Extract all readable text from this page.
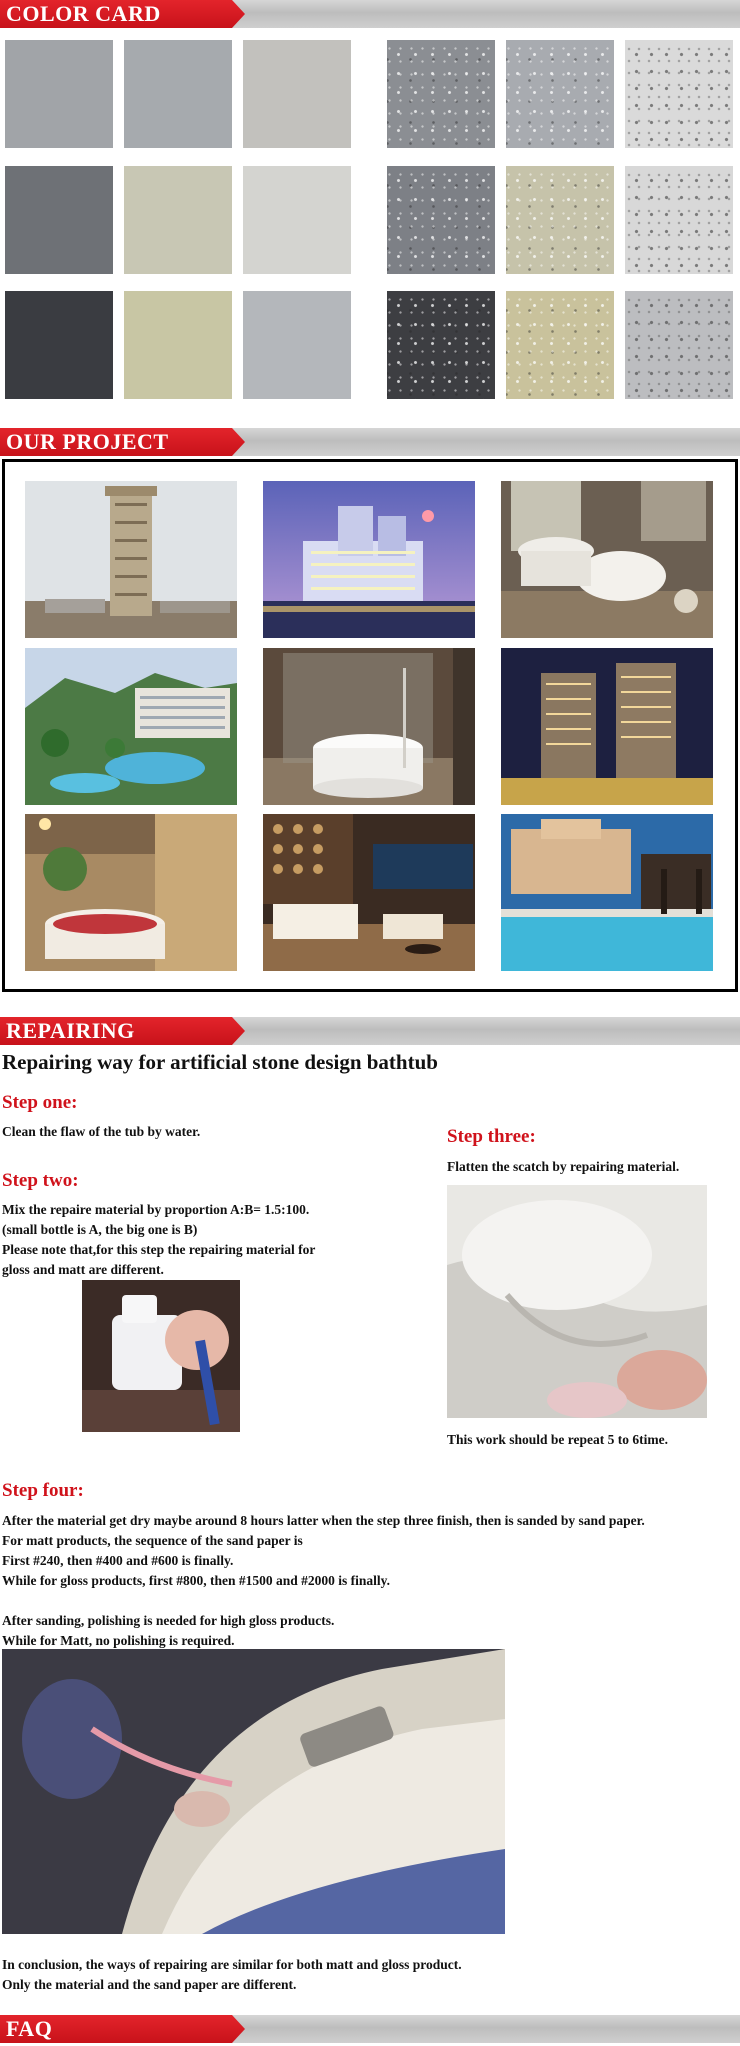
COLOR CARD
OUR PROJECT
REPAIRING
Repairing way for artificial stone design bathtub
Step one:
Clean the flaw of the tub by water.
Step two:
Mix the repaire material by proportion A:B= 1.5:100.
(small bottle is A, the big one is B)
Please note that,for this step the repairing material for
gloss and matt are different.
Step three:
Flatten the scatch by repairing material.
This work should be repeat 5 to 6time.
Step four:
After the material get dry maybe around 8 hours latter when the step three finish, then is sanded by sand paper.
For matt products, the sequence of the sand paper is
First #240, then #400 and #600 is finally.
While for gloss products, first #800, then #1500 and #2000 is finally.
After sanding, polishing is needed for high gloss products.
While for Matt, no polishing is required.
In conclusion, the ways of repairing are similar for both matt and gloss product.
Only the material and the sand paper are different.
FAQ
